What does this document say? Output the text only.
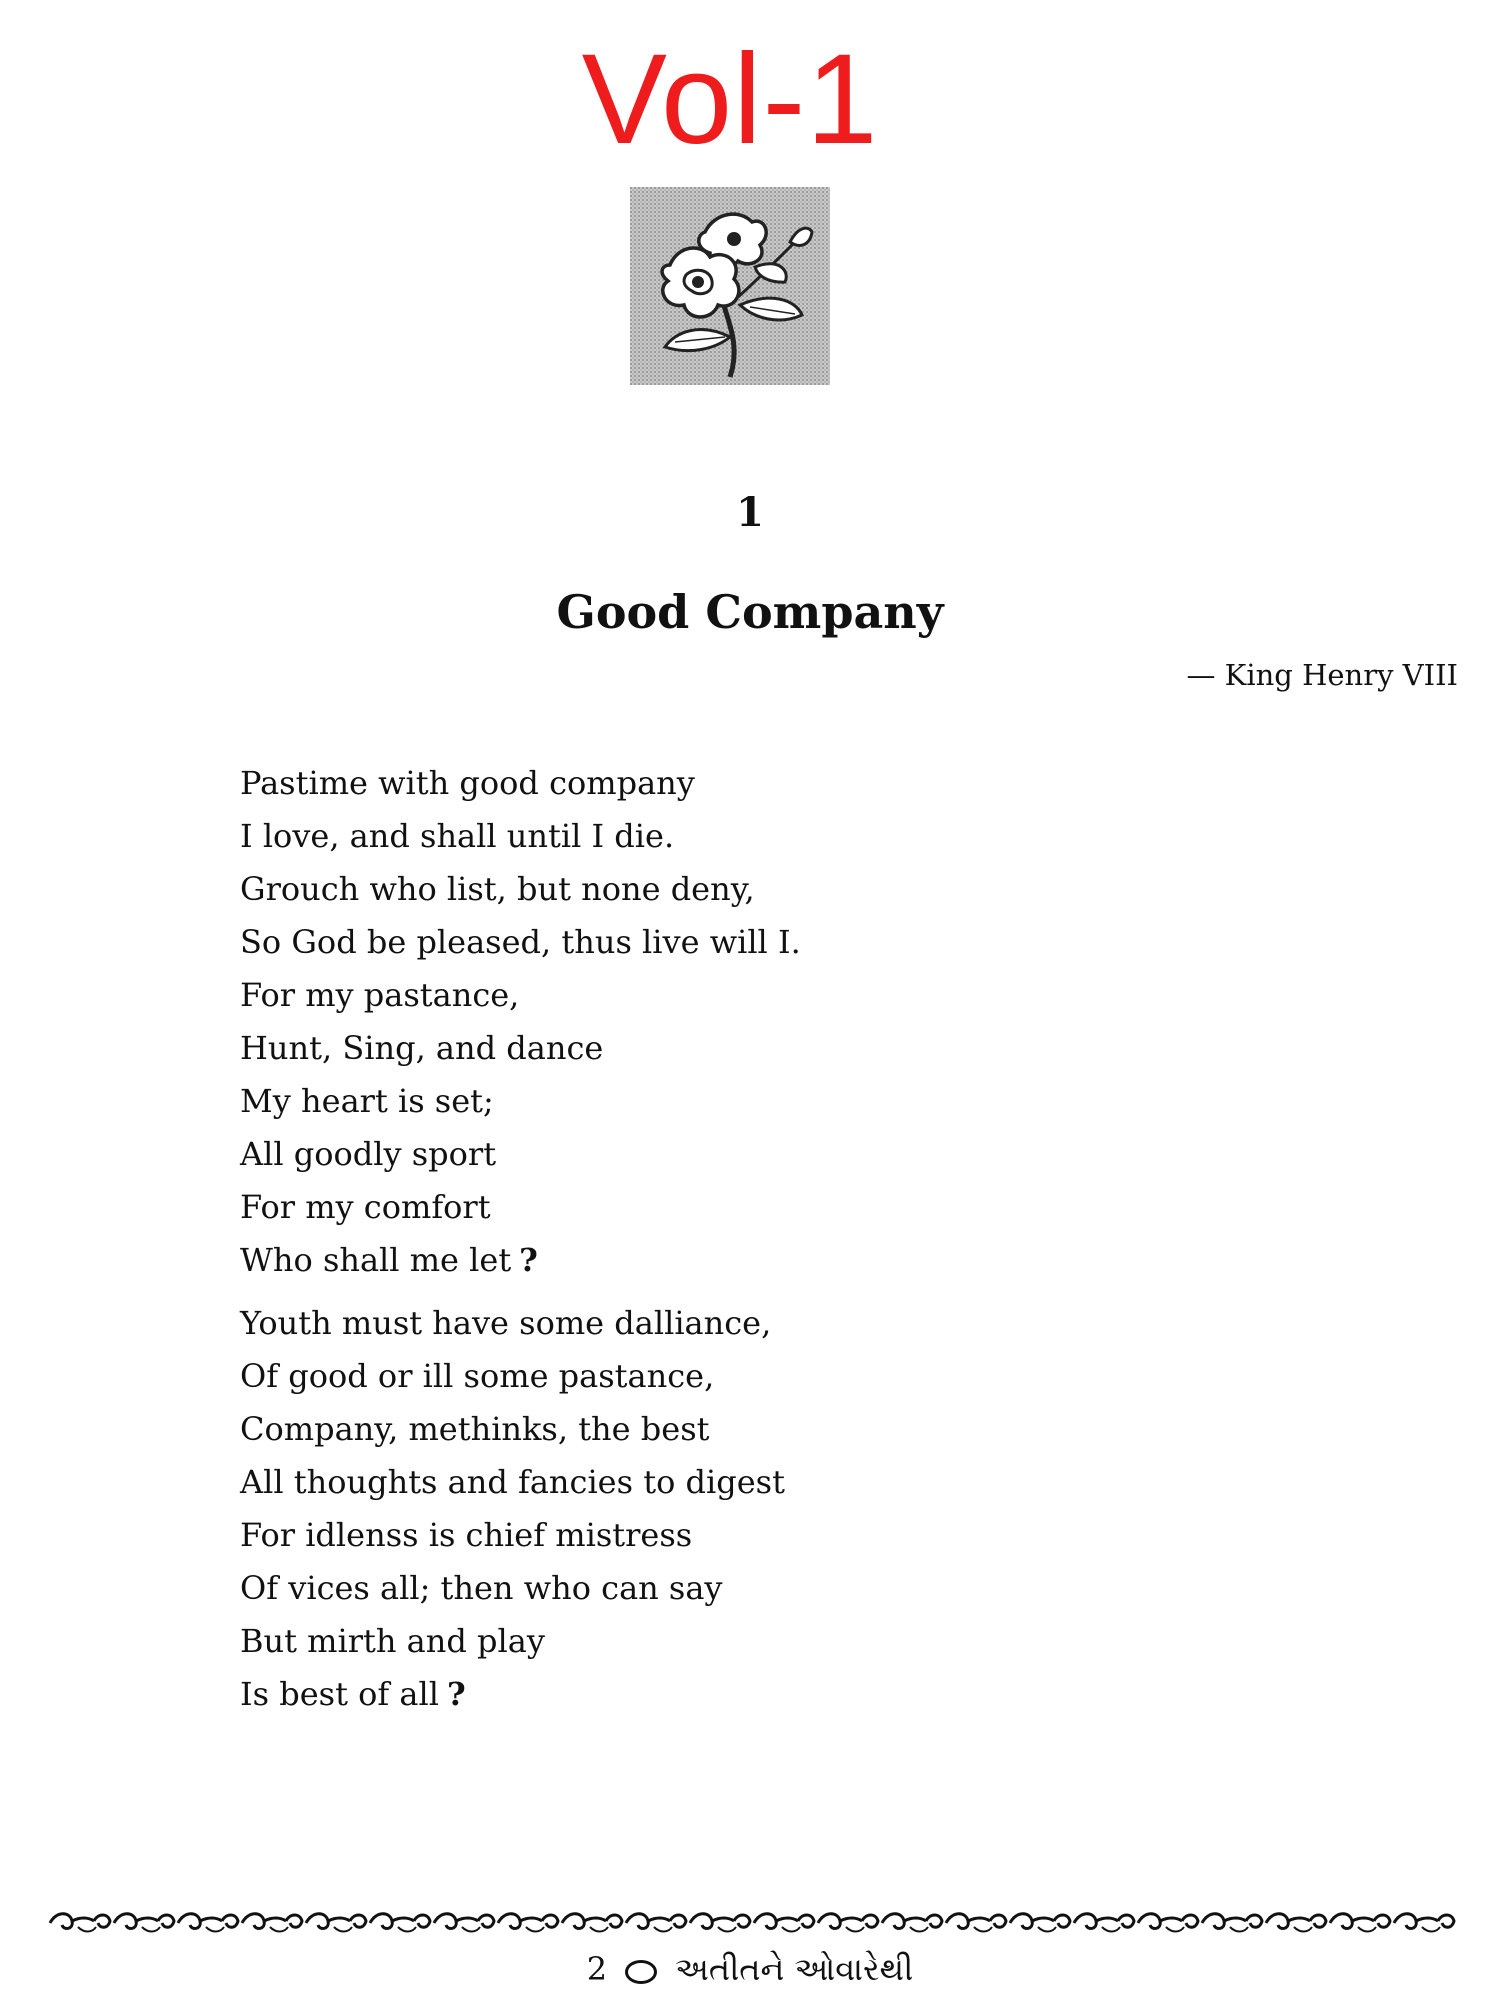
Vol-1
1
Good Company
— King Henry VIII
Pastime with good company
I love, and shall until I die.
Grouch who list, but none deny,
So God be pleased, thus live will I.
For my pastance,
Hunt, Sing, and dance
My heart is set;
All goodly sport
For my comfort
Who shall me let ?
Youth must have some dalliance,
Of good or ill some pastance,
Company, methinks, the best
All thoughts and fancies to digest
For idlenss is chief mistress
Of vices all; then who can say
But mirth and play
Is best of all ?
2 અતીતને ઓવારેથી
